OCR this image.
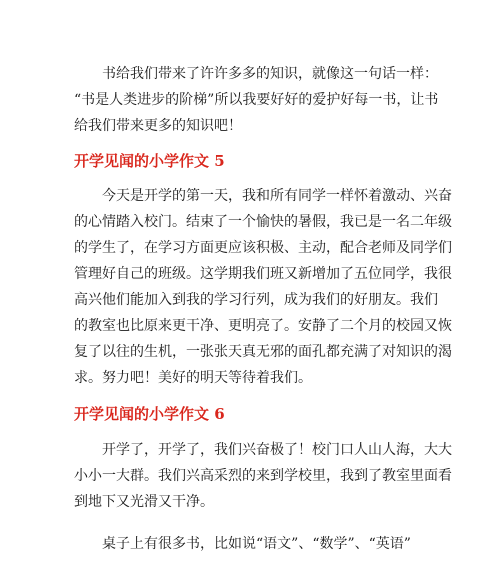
　　书给我们带来了许许多多的知识，就像这一句话一样：
“书是人类进步的阶梯”所以我要好好的爱护好每一书，让书
给我们带来更多的知识吧！

开学见闻的小学作文 5

　　今天是开学的第一天，我和所有同学一样怀着激动、兴奋
的心情踏入校门。结束了一个愉快的暑假，我已是一名二年级
的学生了，在学习方面更应该积极、主动，配合老师及同学们
管理好自己的班级。这学期我们班又新增加了五位同学，我很
高兴他们能加入到我的学习行列，成为我们的好朋友。我们
的教室也比原来更干净、更明亮了。安静了二个月的校园又恢
复了以往的生机，一张张天真无邪的面孔都充满了对知识的渴
求。努力吧！美好的明天等待着我们。

开学见闻的小学作文 6

　　开学了，开学了，我们兴奋极了！校门口人山人海，大大
小小一大群。我们兴高采烈的来到学校里，我到了教室里面看
到地下又光滑又干净。

　　桌子上有很多书，比如说“语文”、“数学”、“英语”
